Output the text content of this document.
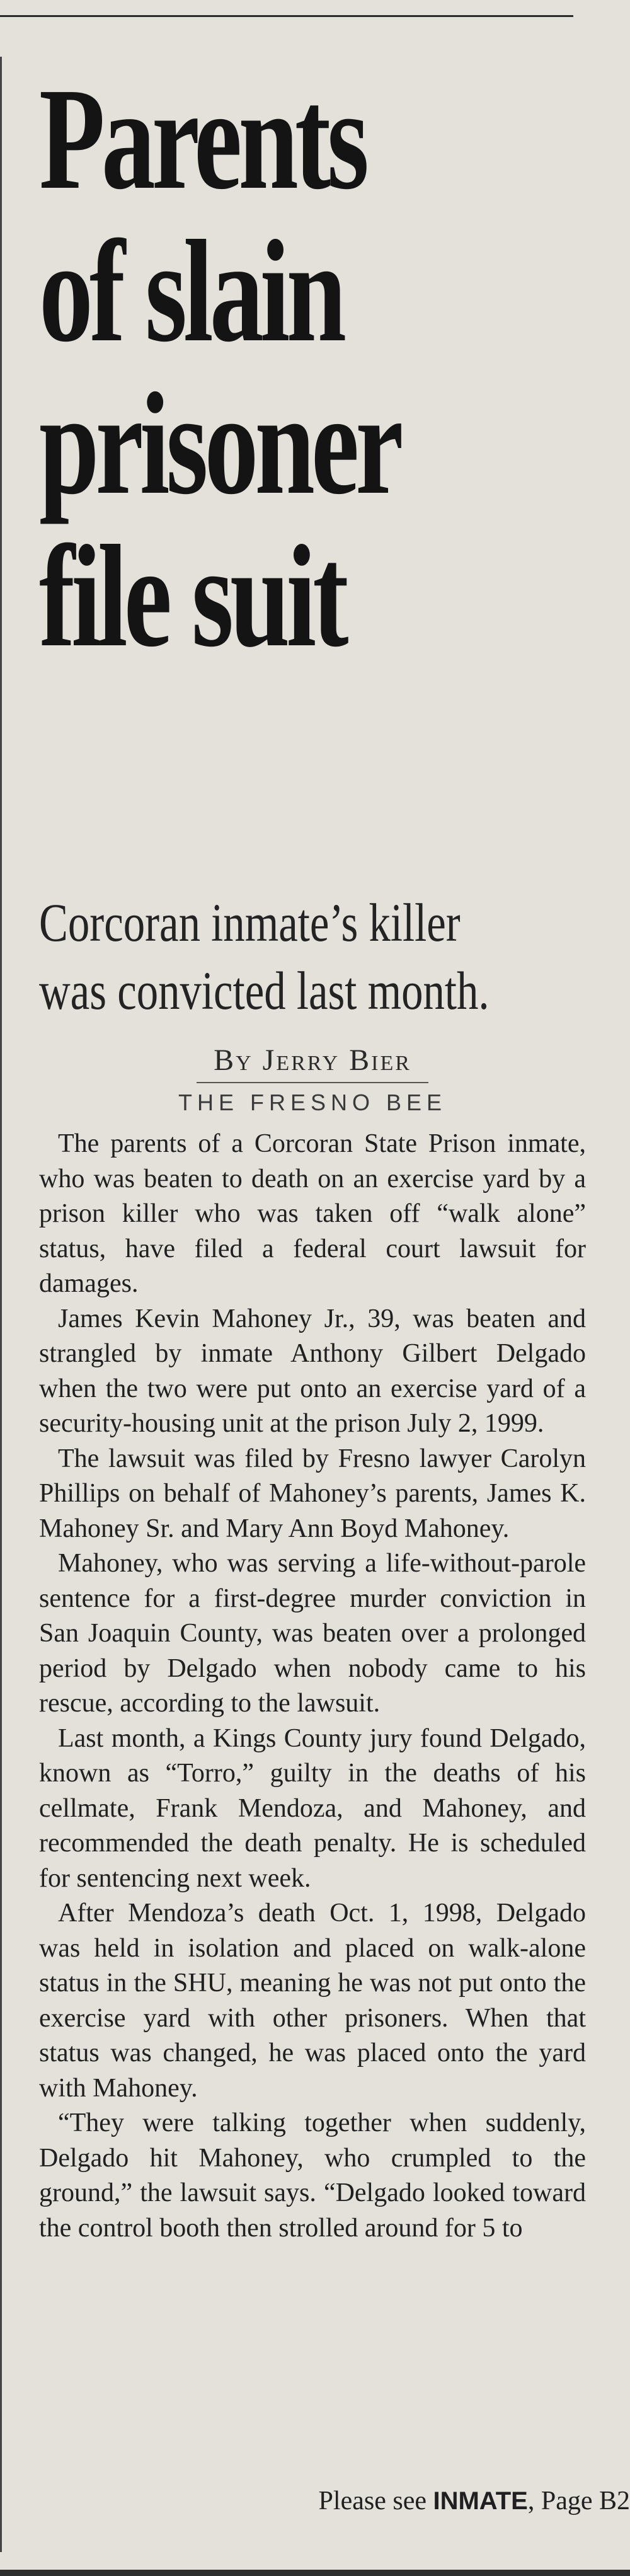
Parents
of slain
prisoner
file suit
Corcoran inmate’s killer
was convicted last month.
By Jerry Bier
THE FRESNO BEE

The parents of a Corcoran State Prison inmate, who was beaten to death on an exercise yard by a prison killer who was taken off “walk alone” status, have filed a federal court lawsuit for damages.

James Kevin Mahoney Jr., 39, was beaten and strangled by inmate Anthony Gilbert Delgado when the two were put onto an exercise yard of a security-housing unit at the prison July 2, 1999.

The lawsuit was filed by Fresno lawyer Carolyn Phillips on behalf of Mahoney’s parents, James K. Mahoney Sr. and Mary Ann Boyd Mahoney.

Mahoney, who was serving a life-without-parole sentence for a first-degree murder conviction in San Joaquin County, was beaten over a prolonged period by Delgado when nobody came to his rescue, according to the lawsuit.

Last month, a Kings County jury found Delgado, known as “Torro,” guilty in the deaths of his cellmate, Frank Mendoza, and Mahoney, and recommended the death penalty. He is scheduled for sentencing next week.

After Mendoza’s death Oct. 1, 1998, Delgado was held in isolation and placed on walk-alone status in the SHU, meaning he was not put onto the exercise yard with other prisoners. When that status was changed, he was placed onto the yard with Mahoney.

“They were talking together when suddenly, Delgado hit Mahoney, who crumpled to the ground,” the lawsuit says. “Delgado looked toward the control booth then strolled around for 5 to

Please see INMATE, Page B2
